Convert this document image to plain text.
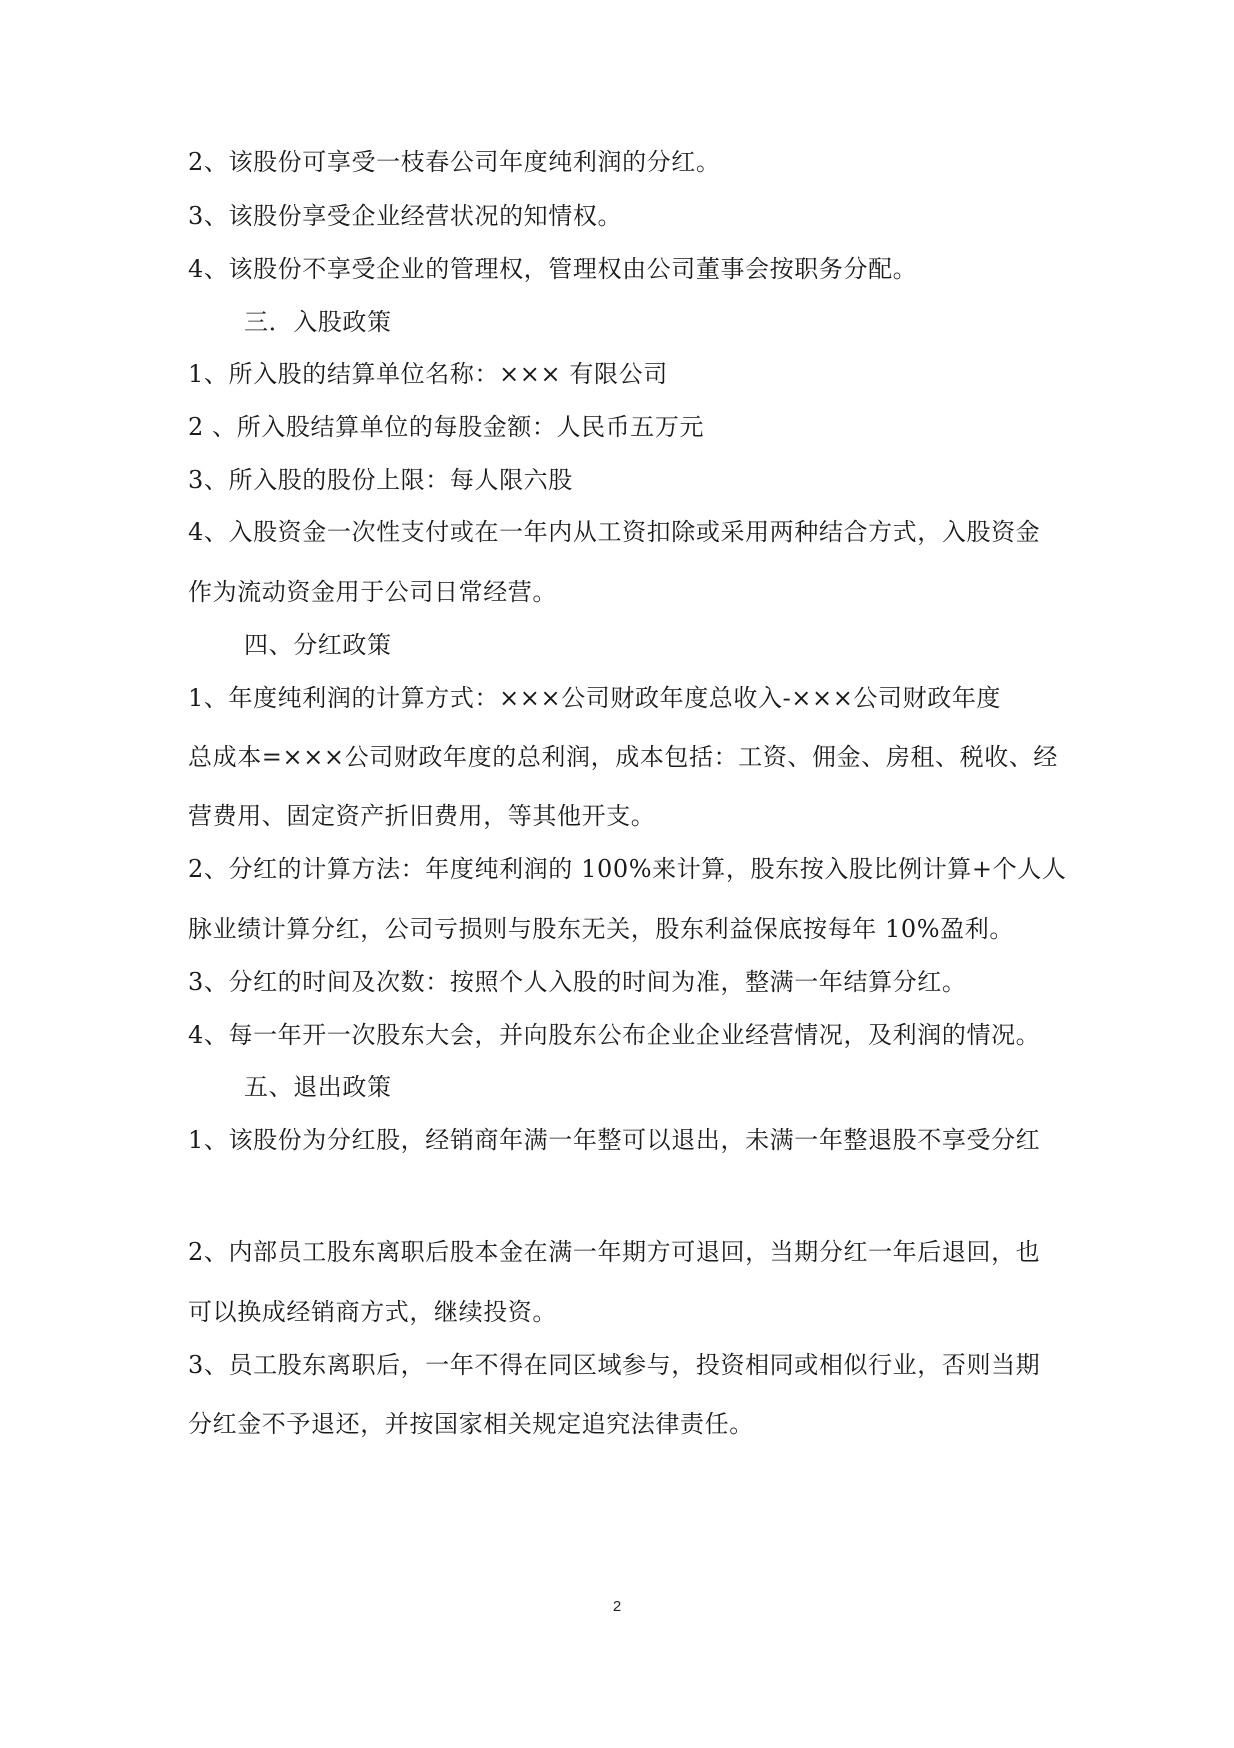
2、该股份可享受一枝春公司年度纯利润的分红。

3、该股份享受企业经营状况的知情权。

4、该股份不享受企业的管理权，管理权由公司董事会按职务分配。

三．入股政策

1、所入股的结算单位名称：××× 有限公司

2 、所入股结算单位的每股金额：人民币五万元

3、所入股的股份上限：每人限六股

4、入股资金一次性支付或在一年内从工资扣除或采用两种结合方式，入股资金

作为流动资金用于公司日常经营。

四、分红政策

1、年度纯利润的计算方式：×××公司财政年度总收入-×××公司财政年度

总成本=×××公司财政年度的总利润，成本包括：工资、佣金、房租、税收、经

营费用、固定资产折旧费用，等其他开支。

2、分红的计算方法：年度纯利润的 100%来计算，股东按入股比例计算+个人人

脉业绩计算分红，公司亏损则与股东无关，股东利益保底按每年 10%盈利。

3、分红的时间及次数：按照个人入股的时间为准，整满一年结算分红。

4、每一年开一次股东大会，并向股东公布企业企业经营情况，及利润的情况。

五、退出政策

1、该股份为分红股，经销商年满一年整可以退出，未满一年整退股不享受分红

2、内部员工股东离职后股本金在满一年期方可退回，当期分红一年后退回，也

可以换成经销商方式，继续投资。

3、员工股东离职后，一年不得在同区域参与，投资相同或相似行业，否则当期

分红金不予退还，并按国家相关规定追究法律责任。

2
